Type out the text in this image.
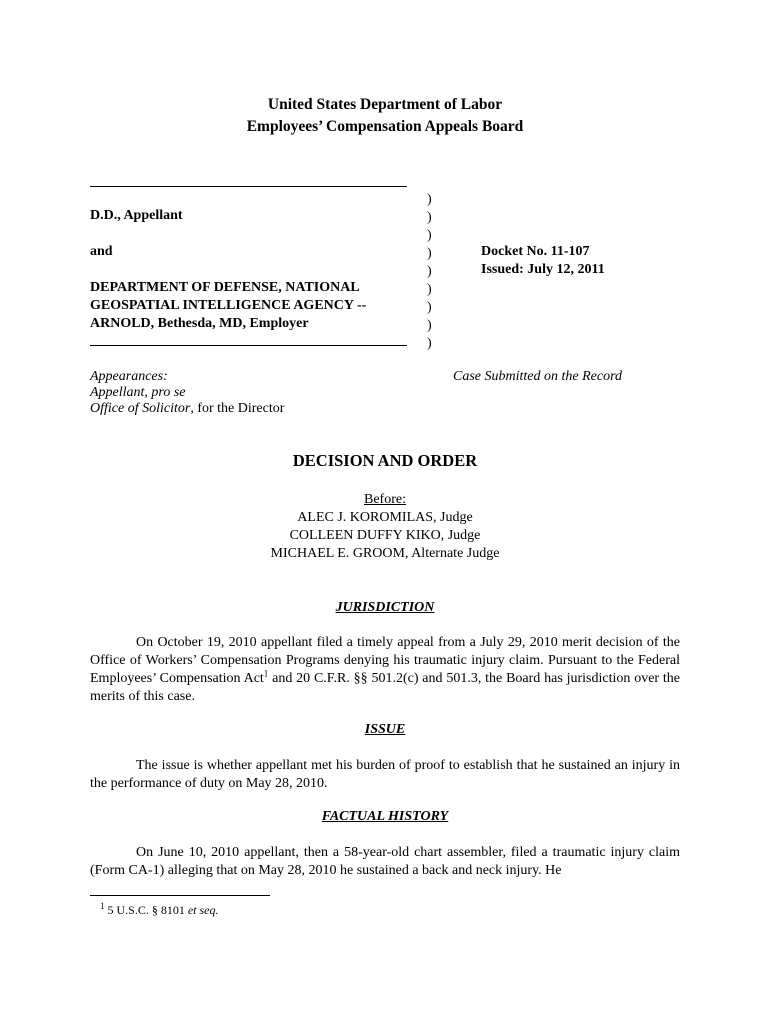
United States Department of Labor
Employees’ Compensation Appeals Board
D.D., Appellant
and
DEPARTMENT OF DEFENSE, NATIONAL
GEOSPATIAL INTELLIGENCE AGENCY --
ARNOLD, Bethesda, MD, Employer
)
)
)
)
)
)
)
)
)
Docket No. 11-107
Issued: July 12, 2011
Appearances:
Appellant, pro se
Office of Solicitor, for the Director
Case Submitted on the Record
DECISION AND ORDER
Before:
ALEC J. KOROMILAS, Judge
COLLEEN DUFFY KIKO, Judge
MICHAEL E. GROOM, Alternate Judge
JURISDICTION
On October 19, 2010 appellant filed a timely appeal from a July 29, 2010 merit decision of the Office of Workers’ Compensation Programs denying his traumatic injury claim. Pursuant to the Federal Employees’ Compensation Act$^1$ and 20 C.F.R. §§ 501.2(c) and 501.3, the Board has jurisdiction over the merits of this case.
ISSUE
The issue is whether appellant met his burden of proof to establish that he sustained an injury in the performance of duty on May 28, 2010.
FACTUAL HISTORY
On June 10, 2010 appellant, then a 58-year-old chart assembler, filed a traumatic injury claim (Form CA-1) alleging that on May 28, 2010 he sustained a back and neck injury. He
$^1$ 5 U.S.C. § 8101 et seq.
